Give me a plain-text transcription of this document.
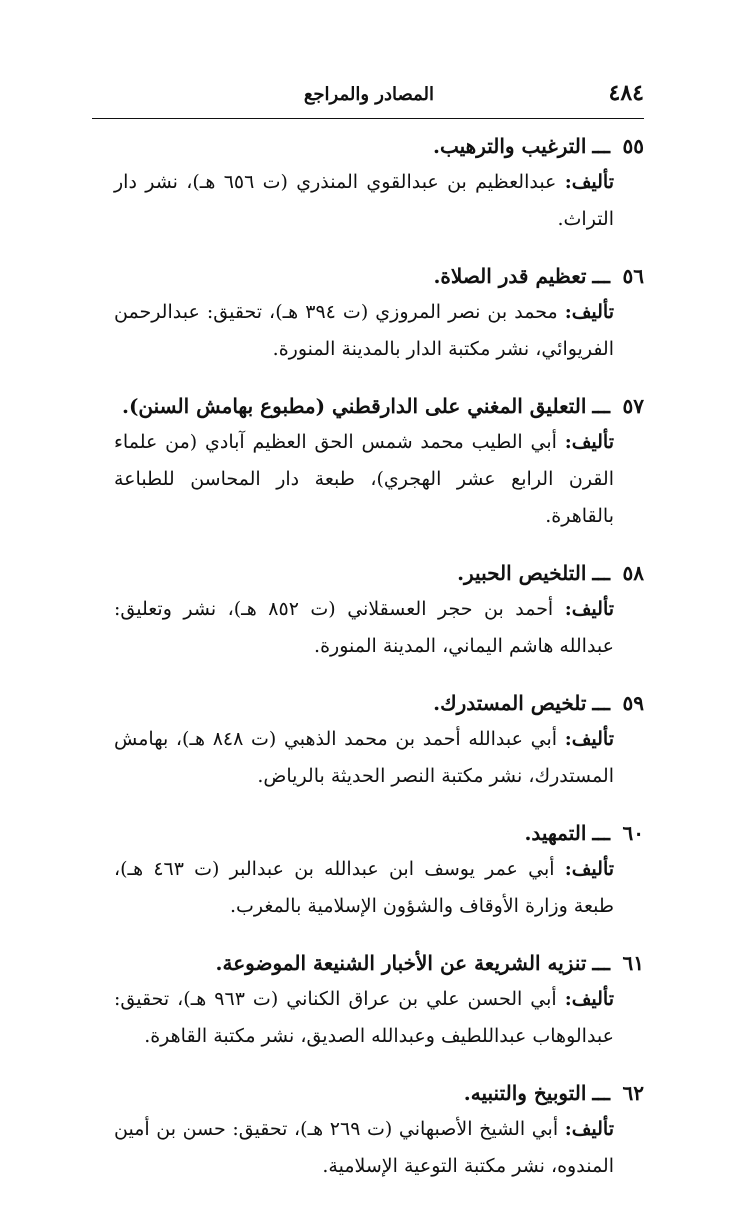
٤٨٤
المصادر والمراجع
٥٥
ـــ
الترغيب والترهيب.
تأليف: عبدالعظيم بن عبدالقوي المنذري (ت ٦٥٦ هـ)، نشر دار التراث.
٥٦
ـــ
تعظيم قدر الصلاة.
تأليف: محمد بن نصر المروزي (ت ٣٩٤ هـ)، تحقيق: عبدالرحمن الفريوائي، نشر مكتبة الدار بالمدينة المنورة.
٥٧
ـــ
التعليق المغني على الدارقطني (مطبوع بهامش السنن).
تأليف: أبي الطيب محمد شمس الحق العظيم آبادي (من علماء القرن الرابع عشر الهجري)، طبعة دار المحاسن للطباعة بالقاهرة.
٥٨
ـــ
التلخيص الحبير.
تأليف: أحمد بن حجر العسقلاني (ت ٨٥٢ هـ)، نشر وتعليق: عبدالله هاشم اليماني، المدينة المنورة.
٥٩
ـــ
تلخيص المستدرك.
تأليف: أبي عبدالله أحمد بن محمد الذهبي (ت ٨٤٨ هـ)، بهامش المستدرك، نشر مكتبة النصر الحديثة بالرياض.
٦٠
ـــ
التمهيد.
تأليف: أبي عمر يوسف ابن عبدالله بن عبدالبر (ت ٤٦٣ هـ)، طبعة وزارة الأوقاف والشؤون الإسلامية بالمغرب.
٦١
ـــ
تنزيه الشريعة عن الأخبار الشنيعة الموضوعة.
تأليف: أبي الحسن علي بن عراق الكناني (ت ٩٦٣ هـ)، تحقيق: عبدالوهاب عبداللطيف وعبدالله الصديق، نشر مكتبة القاهرة.
٦٢
ـــ
التوبيخ والتنبيه.
تأليف: أبي الشيخ الأصبهاني (ت ٢٦٩ هـ)، تحقيق: حسن بن أمين المندوه، نشر مكتبة التوعية الإسلامية.
